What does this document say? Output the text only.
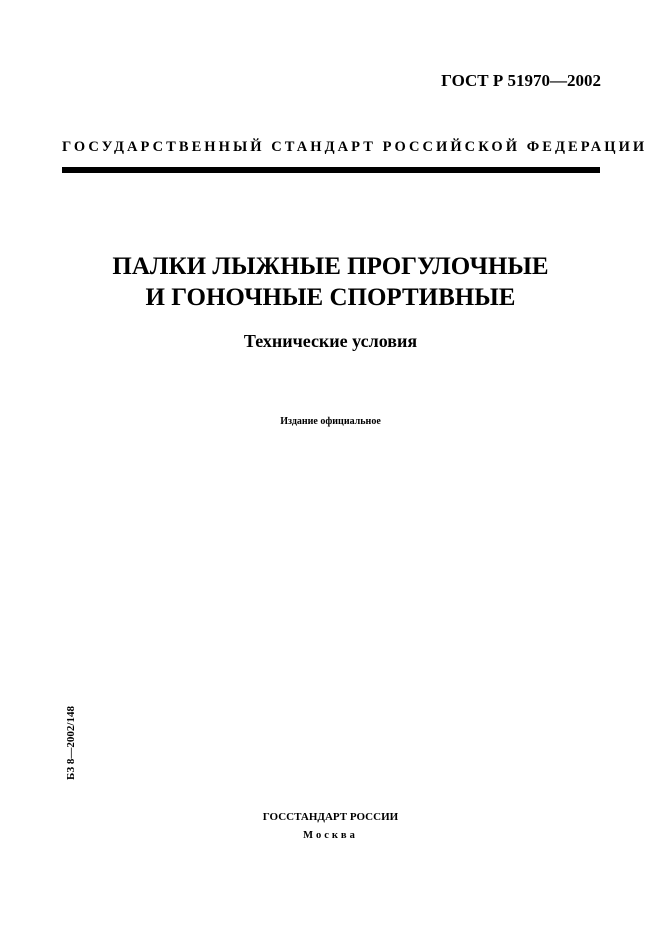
ГОСТ Р 51970—2002
ГОСУДАРСТВЕННЫЙ СТАНДАРТ РОССИЙСКОЙ ФЕДЕРАЦИИ
ПАЛКИ ЛЫЖНЫЕ ПРОГУЛОЧНЫЕ
И ГОНОЧНЫЕ СПОРТИВНЫЕ
Технические условия
Издание официальное
БЗ 8—2002/148
ГОССТАНДАРТ РОССИИ
Москва
